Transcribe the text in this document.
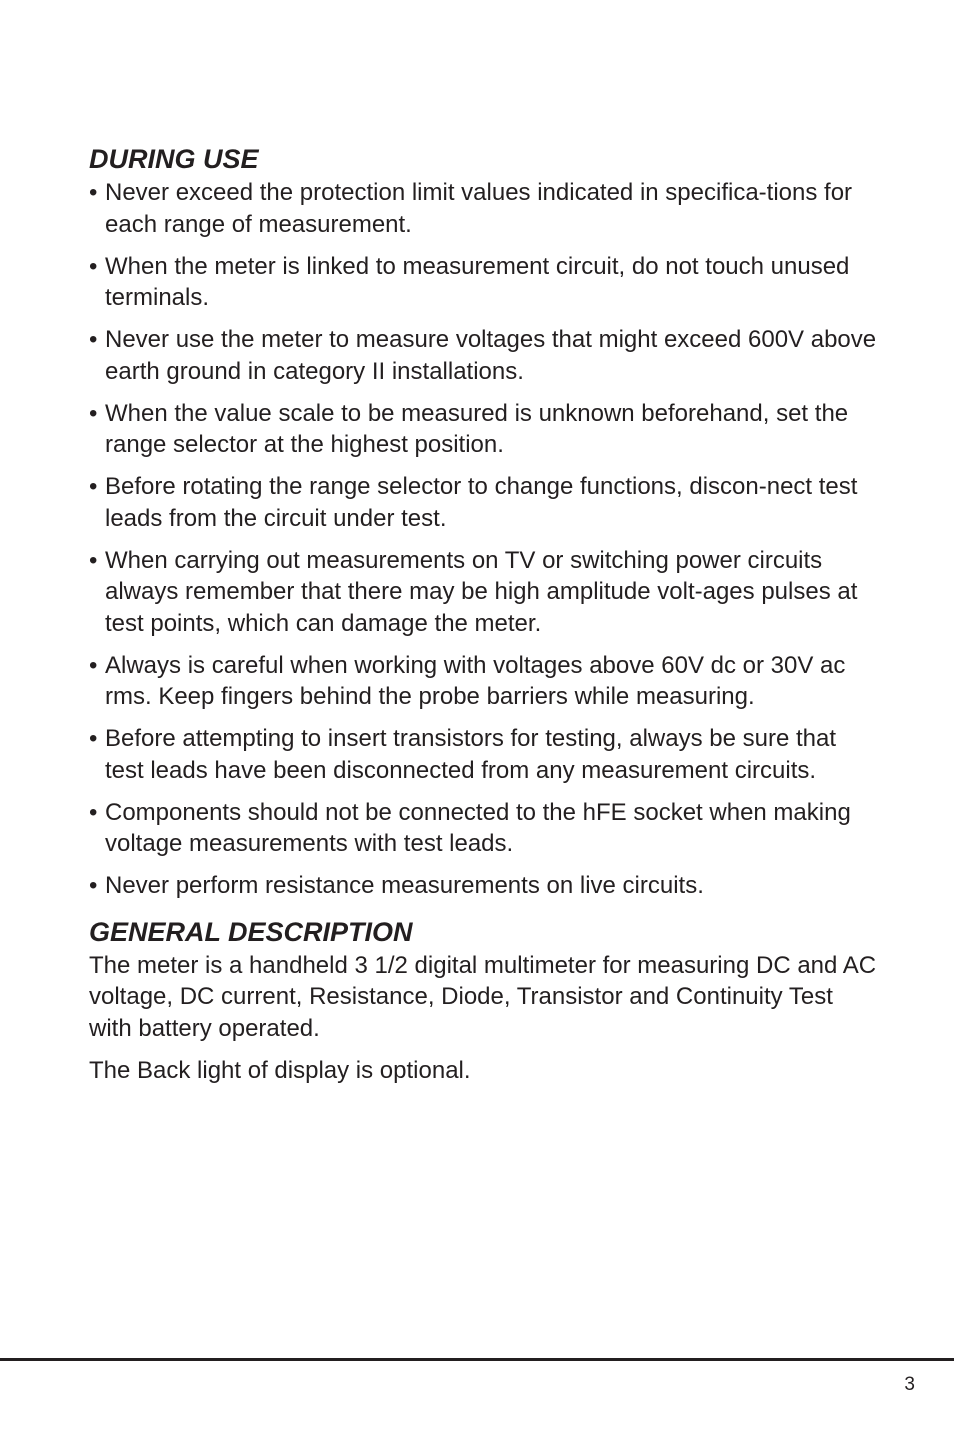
DURING USE
• Never exceed the protection limit values indicated in specifica-tions for each range of measurement.
• When the meter is linked to measurement circuit, do not touch unused terminals.
• Never use the meter to measure voltages that might exceed 600V above earth ground in category II installations.
• When the value scale to be measured is unknown beforehand, set the range selector at the highest position.
• Before rotating the range selector to change functions, discon-nect test leads from the circuit under test.
• When carrying out measurements on TV or switching power circuits always remember that there may be high amplitude volt-ages pulses at test points, which can damage the meter.
• Always is careful when working with voltages above 60V dc or 30V ac rms. Keep fingers behind the probe barriers while measuring.
• Before attempting to insert transistors for testing, always be sure that test leads have been disconnected from any measurement circuits.
• Components should not be connected to the hFE socket when making voltage measurements with test leads.
• Never perform resistance measurements on live circuits.
GENERAL DESCRIPTION

The meter is a handheld 3 1/2 digital multimeter for measuring DC and AC voltage, DC current, Resistance, Diode, Transistor and Continuity Test with battery operated.

The Back light of display is optional.

3
